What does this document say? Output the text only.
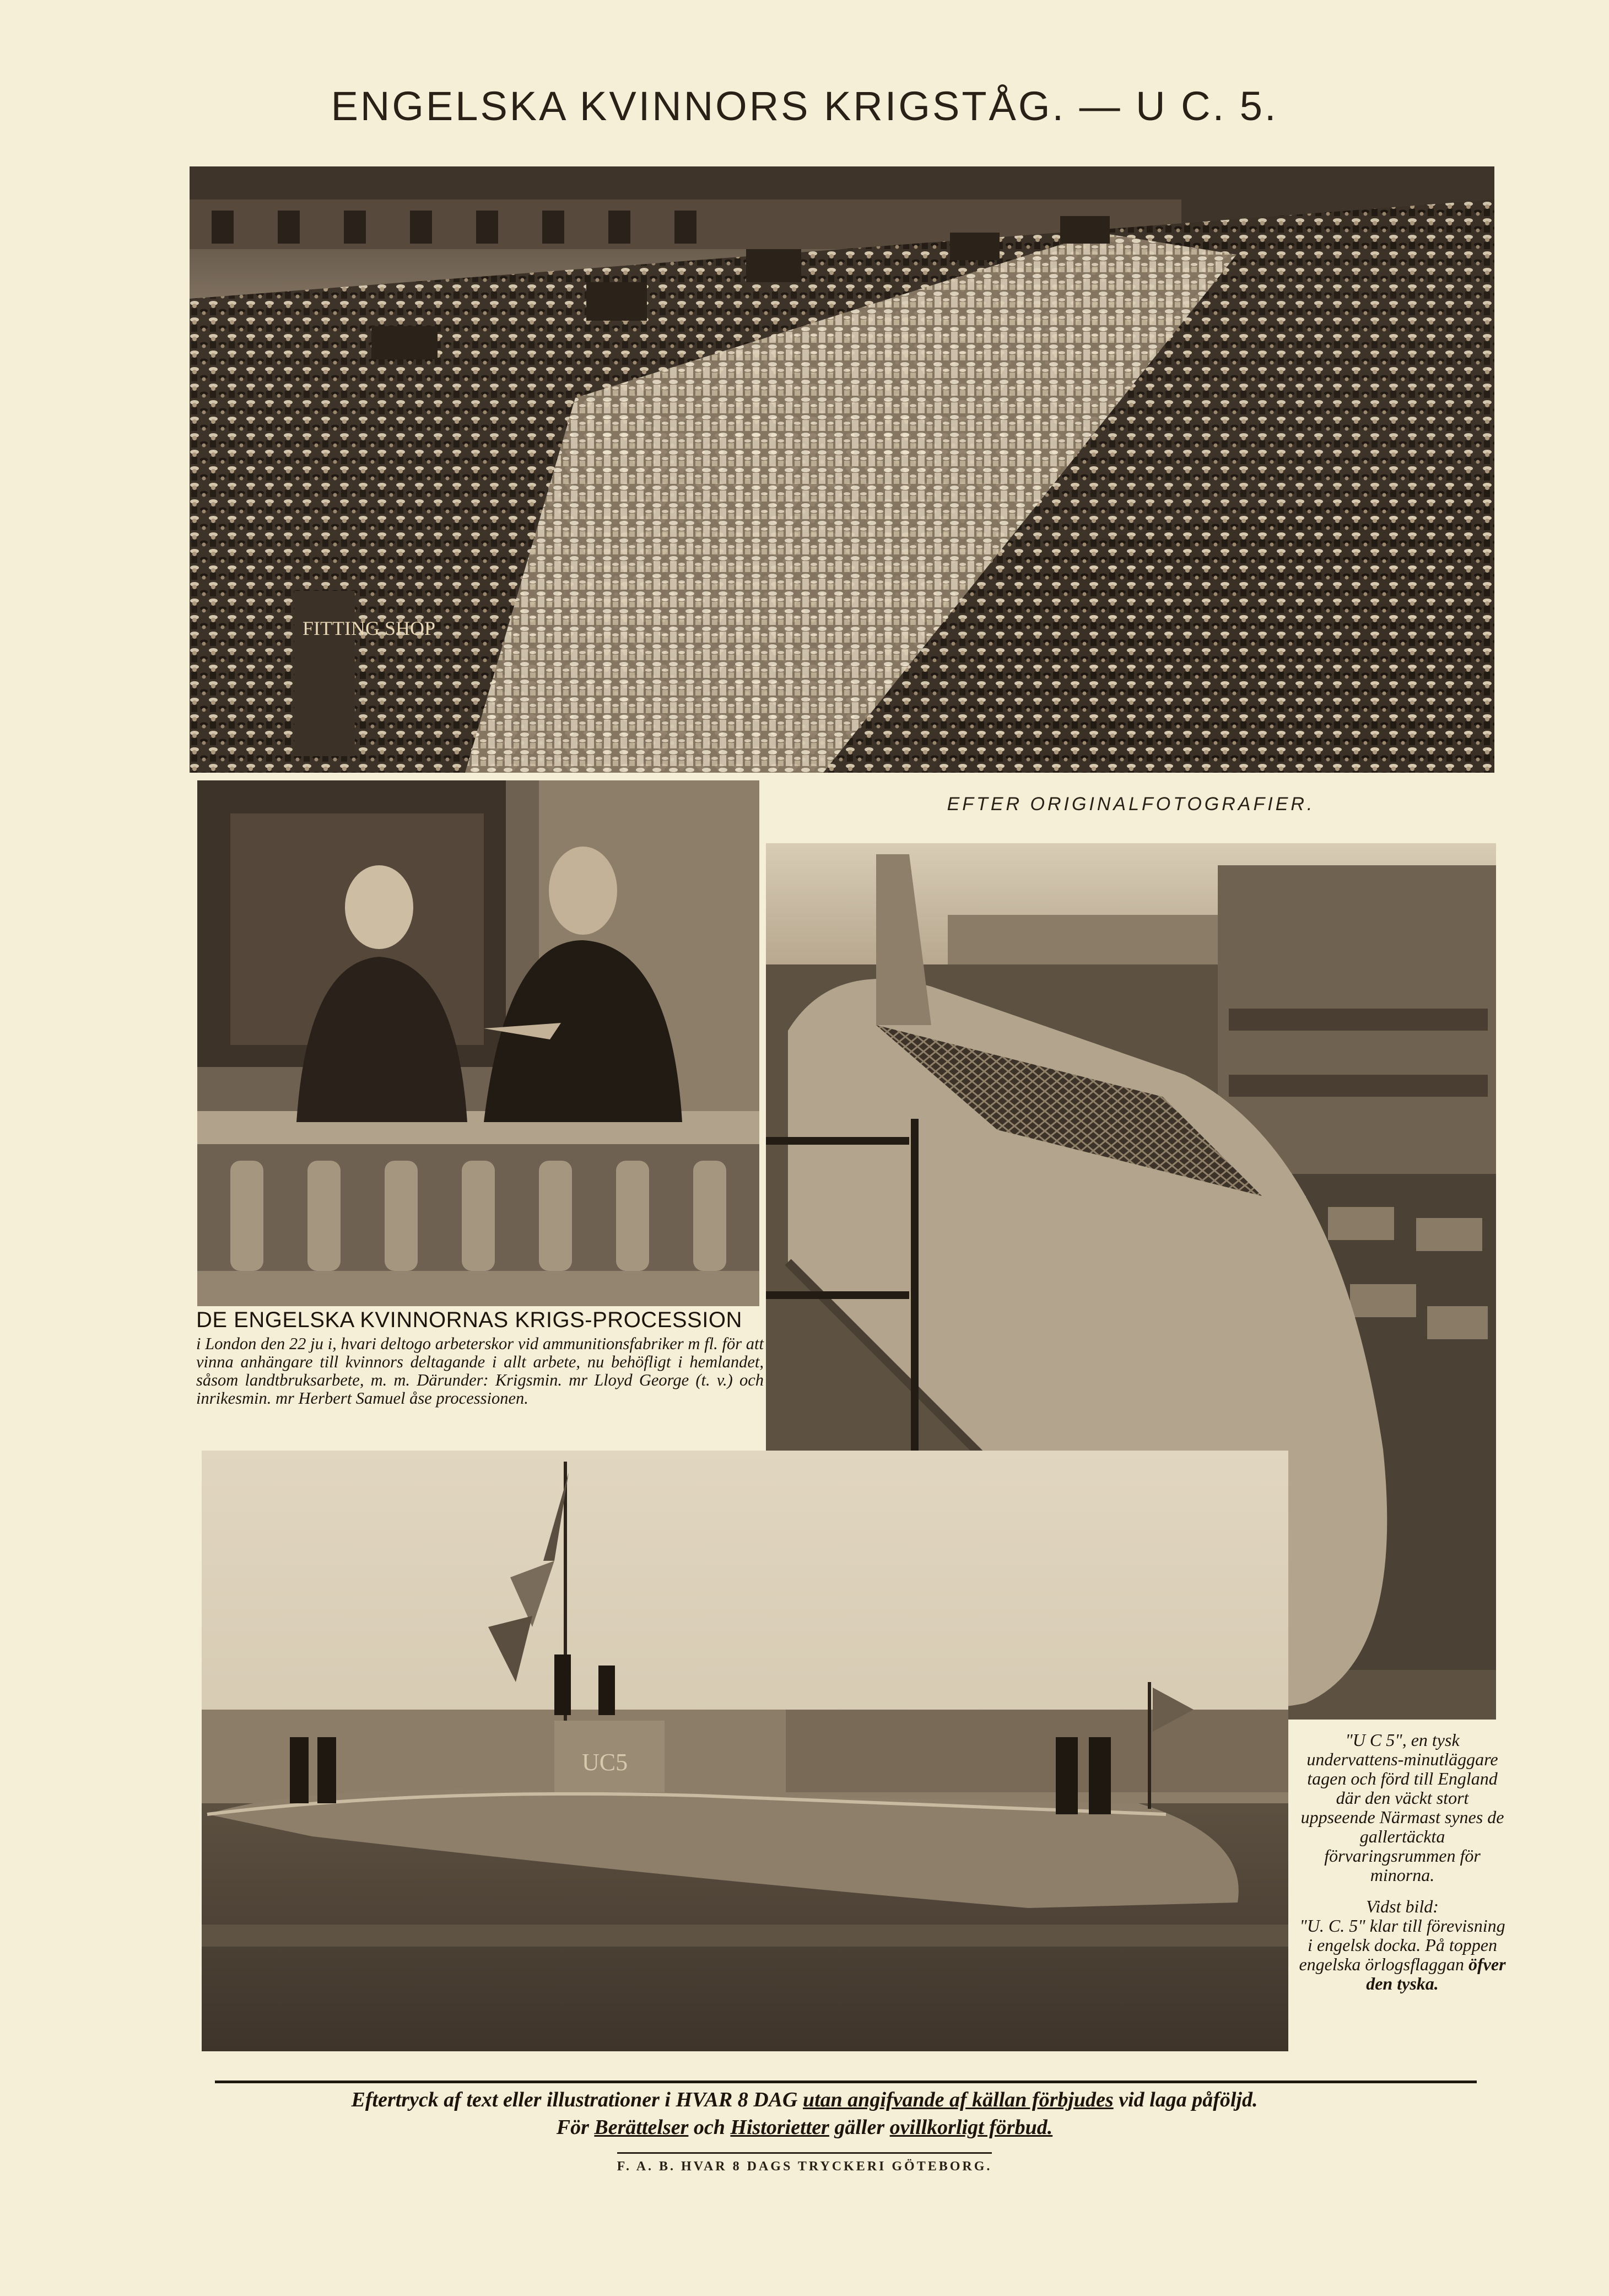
ENGELSKA KVINNORS KRIGSTÅG. — U C. 5.
FITTING SHOP
EFTER ORIGINALFOTOGRAFIER.
DE ENGELSKA KVINNORNAS KRIGS-PROCESSION
i London den 22 ju i, hvari deltogo arbeterskor vid ammunitionsfabriker m fl. för att vinna anhängare till kvinnors deltagande i allt arbete, nu behöfligt i hemlandet, såsom landtbruksarbete, m. m. Därunder: Krigsmin. mr Lloyd George (t. v.) och inrikesmin. mr Herbert Samuel åse processionen.
UC5

"U C 5", en tysk undervattens-minutläggare tagen och förd till England där den väckt stort uppseende Närmast synes de gallertäckta förvaringsrummen för minorna.

Vidst bild:

"U. C. 5" klar till förevisning i engelsk docka. På toppen engelska örlogsflaggan öfver den tyska.

Eftertryck af text eller illustrationer i HVAR 8 DAG utan angifvande af källan förbjudes vid laga påföljd.
För Berättelser och Historietter gäller ovillkorligt förbud.
F. A. B. HVAR 8 DAGS TRYCKERI GÖTEBORG.
